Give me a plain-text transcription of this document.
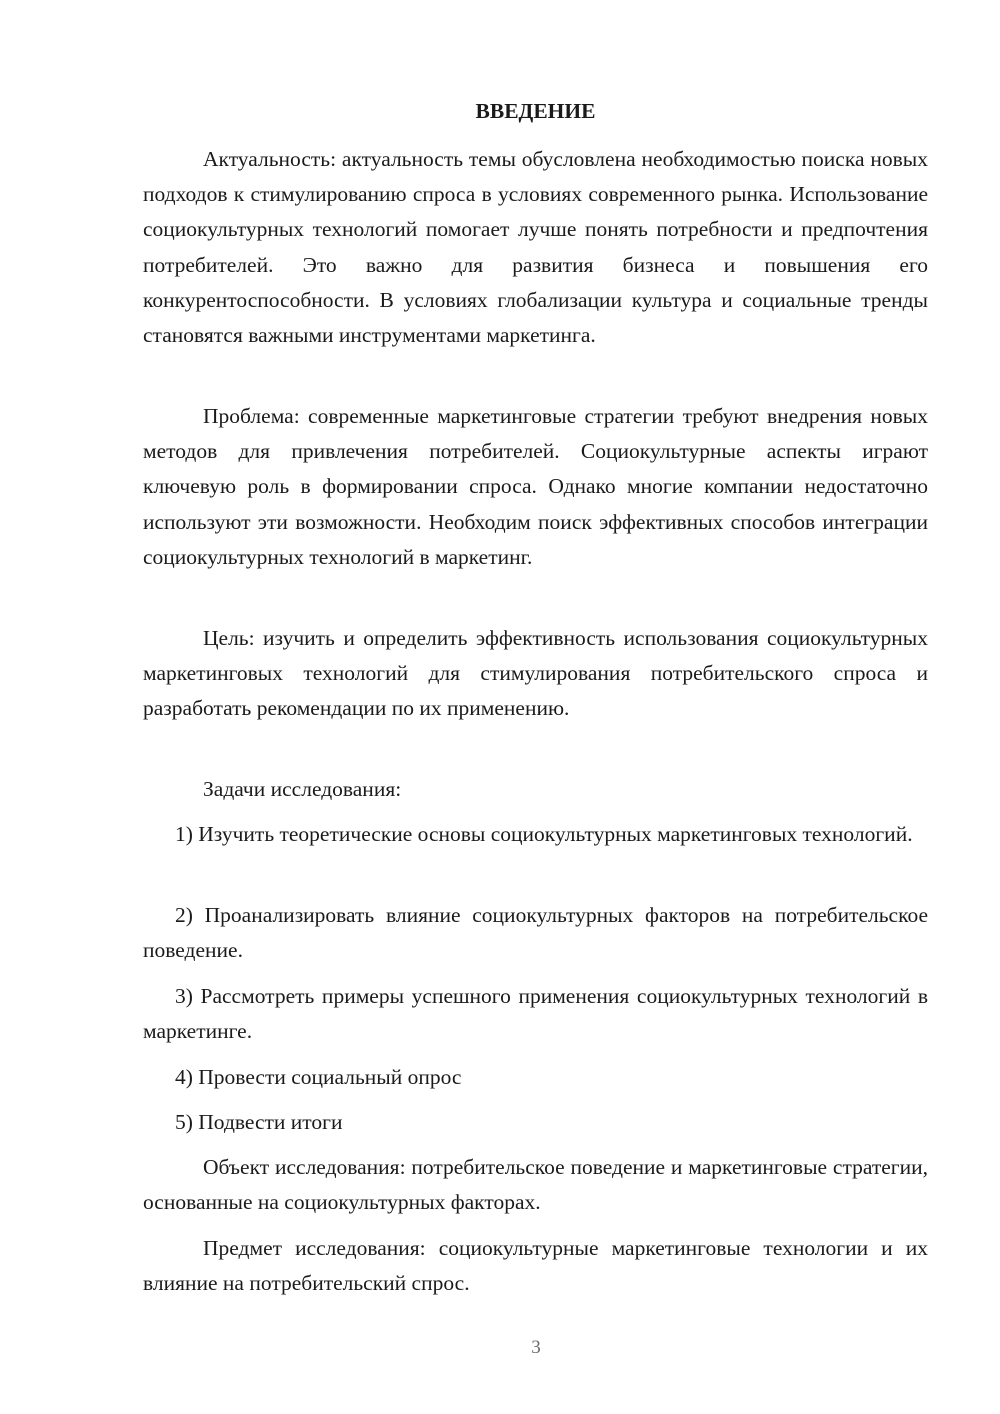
ВВЕДЕНИЕ

Актуальность: актуальность темы обусловлена необходимостью поиска новых подходов к стимулированию спроса в условиях современного рынка. Использование социокультурных технологий помогает лучше понять потребности и предпочтения потребителей. Это важно для развития бизнеса и повышения его конкурентоспособности. В условиях глобализации культура и социальные тренды становятся важными инструментами маркетинга.

Проблема: современные маркетинговые стратегии требуют внедрения новых методов для привлечения потребителей. Социокультурные аспекты играют ключевую роль в формировании спроса. Однако многие компании недостаточно используют эти возможности. Необходим поиск эффективных способов интеграции социокультурных технологий в маркетинг.

Цель: изучить и определить эффективность использования социокультурных маркетинговых технологий для стимулирования потребительского спроса и разработать рекомендации по их применению.

Задачи исследования:

1) Изучить теоретические основы социокультурных маркетинговых технологий.

2) Проанализировать влияние социокультурных факторов на потребительское поведение.

3) Рассмотреть примеры успешного применения социокультурных технологий в маркетинге.

4) Провести социальный опрос

5) Подвести итоги

Объект исследования: потребительское поведение и маркетинговые стратегии, основанные на социокультурных факторах.

Предмет исследования: социокультурные маркетинговые технологии и их влияние на потребительский спрос.

3
